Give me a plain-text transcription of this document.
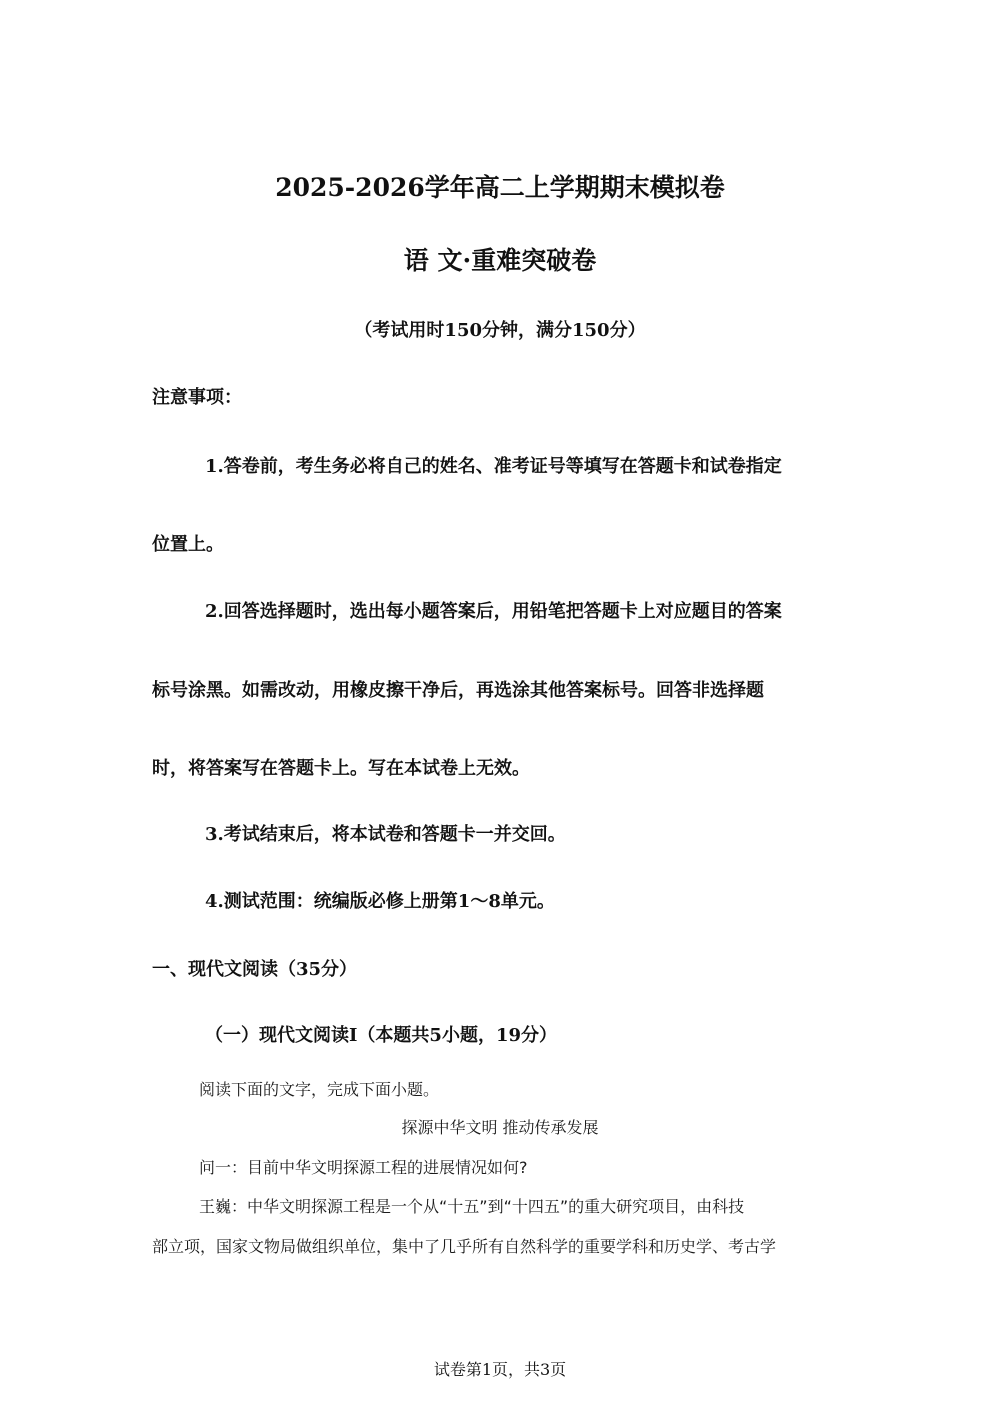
2025-2026学年高二上学期期末模拟卷
语 文·重难突破卷
（考试用时150分钟，满分150分）
注意事项：
1.答卷前，考生务必将自己的姓名、准考证号等填写在答题卡和试卷指定
位置上。
2.回答选择题时，选出每小题答案后，用铅笔把答题卡上对应题目的答案
标号涂黑。如需改动，用橡皮擦干净后，再选涂其他答案标号。回答非选择题
时，将答案写在答题卡上。写在本试卷上无效。
3.考试结束后，将本试卷和答题卡一并交回。
4.测试范围：统编版必修上册第1～8单元。
一、现代文阅读（35分）
（一）现代文阅读Ⅰ（本题共5小题，19分）
阅读下面的文字，完成下面小题。
探源中华文明 推动传承发展
问一：目前中华文明探源工程的进展情况如何?
王巍：中华文明探源工程是一个从“十五”到“十四五”的重大研究项目，由科技
部立项，国家文物局做组织单位，集中了几乎所有自然科学的重要学科和历史学、考古学
试卷第1页，共3页
